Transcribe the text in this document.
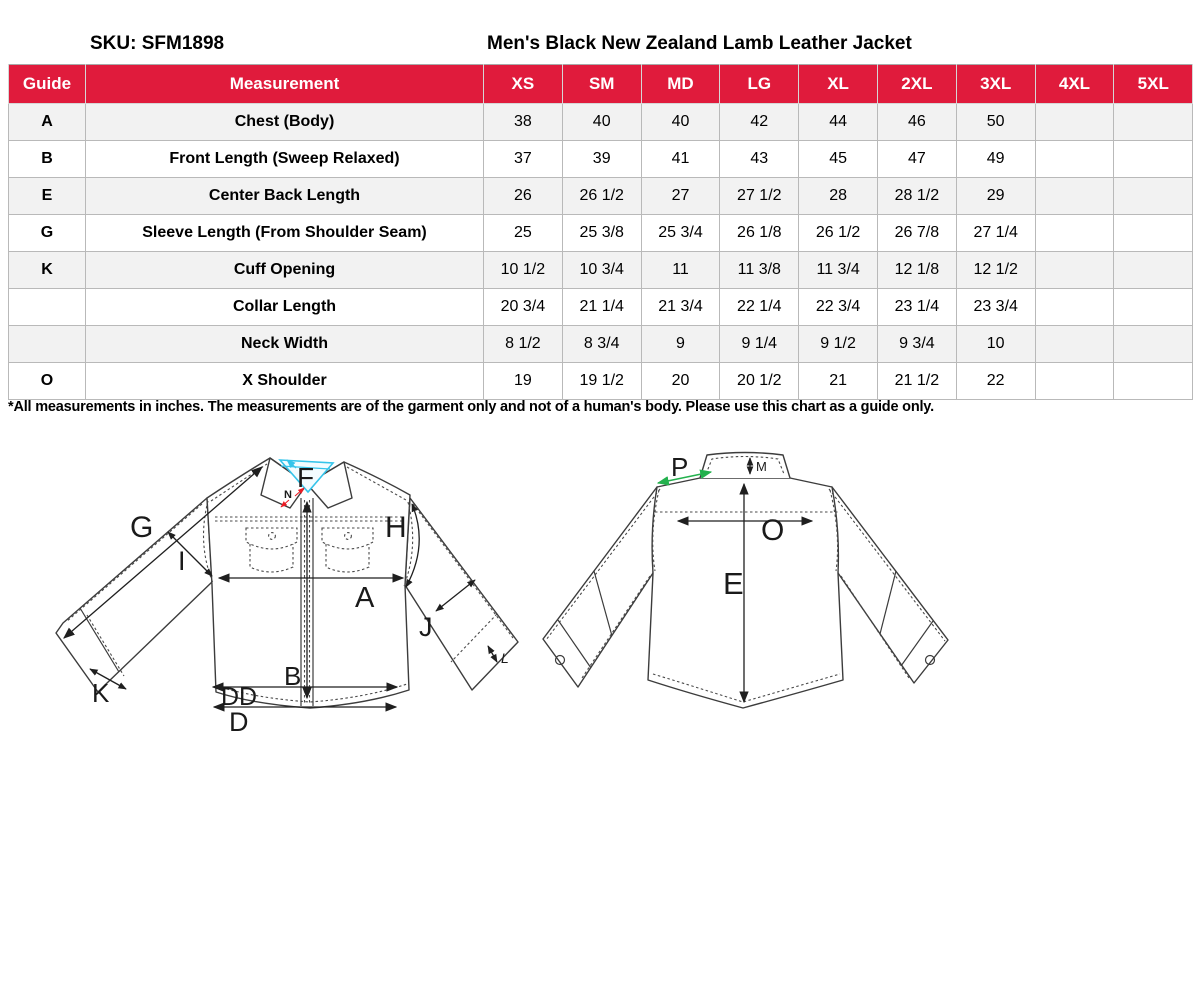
SKU: SFM1898	Men's Black New Zealand Lamb Leather Jacket
Guide	Measurement	XS	SM	MD	LG	XL	2XL	3XL	4XL	5XL
A	Chest (Body)	38	40	40	42	44	46	50		
B	Front Length (Sweep Relaxed)	37	39	41	43	45	47	49		
E	Center Back Length	26	26 1/2	27	27 1/2	28	28 1/2	29		
G	Sleeve Length (From Shoulder Seam)	25	25 3/8	25 3/4	26 1/8	26 1/2	26 7/8	27 1/4		
K	Cuff Opening	10 1/2	10 3/4	11	11 3/8	11 3/4	12 1/8	12 1/2		
	Collar Length	20 3/4	21 1/4	21 3/4	22 1/4	22 3/4	23 1/4	23 3/4		
	Neck Width	8 1/2	8 3/4	9	9 1/4	9 1/2	9 3/4	10		
O	X Shoulder	19	19 1/2	20	20 1/2	21	21 1/2	22		
*All measurements in inches. The measurements are of the garment only and not of a human's body. Please use this chart as a guide only.
G
I
F
N
H
A
J
B
K	DD
D
L
P	M
O
E
